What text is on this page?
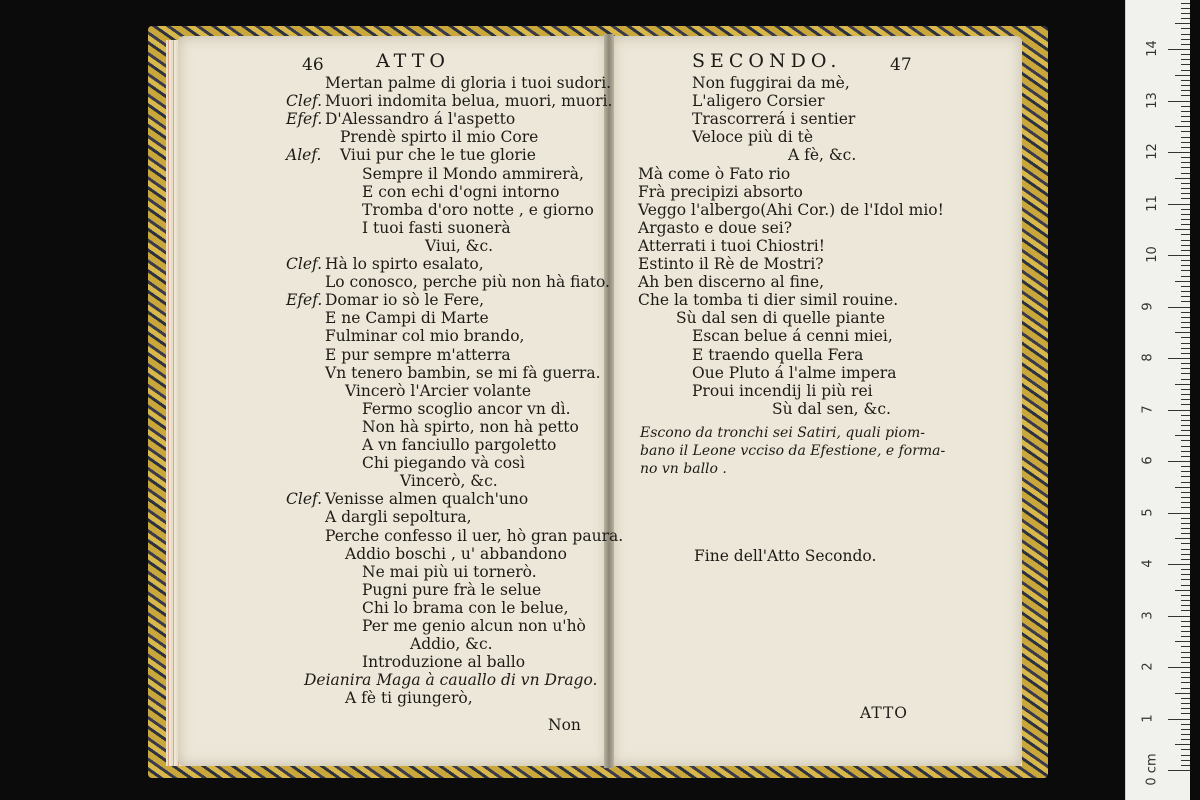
46	ATTO
Mertan palme di gloria i tuoi sudori.
Clef. Muori indomita belua, muori, muori.
Efef. D'Alessandro á l'aspetto
Prendè spirto il mio Core
Alef. Viui pur che le tue glorie
Sempre il Mondo ammirerà,
E con echi d'ogni intorno
Tromba d'oro notte , e giorno
I tuoi fasti suonerà
Viui, &c.
Clef. Hà lo spirto esalato,
Lo conosco, perche più non hà fiato.
Efef. Domar io sò le Fere,
E ne Campi di Marte
Fulminar col mio brando,
E pur sempre m'atterra
Vn tenero bambin, se mi fà guerra.
Vincerò l'Arcier volante
Fermo scoglio ancor vn dì.
Non hà spirto, non hà petto
A vn fanciullo pargoletto
Chi piegando và così
Vincerò, &c.
Clef. Venisse almen qualch'uno
A dargli sepoltura,
Perche confesso il uer, hò gran paura.
Addio boschi , u' abbandono
Ne mai più ui tornerò.
Pugni pure frà le selue
Chi lo brama con le belue,
Per me genio alcun non u'hò
Addio, &c.
Introduzione al ballo
Deianira Maga à cauallo di vn Drago.
A fè ti giungerò,
Non
SECONDO.	47
Non fuggirai da mè,
L'aligero Corsier
Trascorrerá i sentier
Veloce più di tè
A fè, &c.
Mà come ò Fato rio
Frà precipizi absorto
Veggo l'albergo(Ahi Cor.) de l'Idol mio!
Argasto e doue sei?
Atterrati i tuoi Chiostri!
Estinto il Rè de Mostri?
Ah ben discerno al fine,
Che la tomba ti dier simil rouine.
Sù dal sen di quelle piante
Escan belue á cenni miei,
E traendo quella Fera
Oue Pluto á l'alme impera
Proui incendij li più rei
Sù dal sen, &c.
Escono da tronchi sei Satiri, quali piom-
bano il Leone vcciso da Efestione, e forma-
no vn ballo .
Fine dell'Atto Secondo.
ATTO
0 cm
1
2
3
4
5
6
7
8
9
10
11
12
13
14
